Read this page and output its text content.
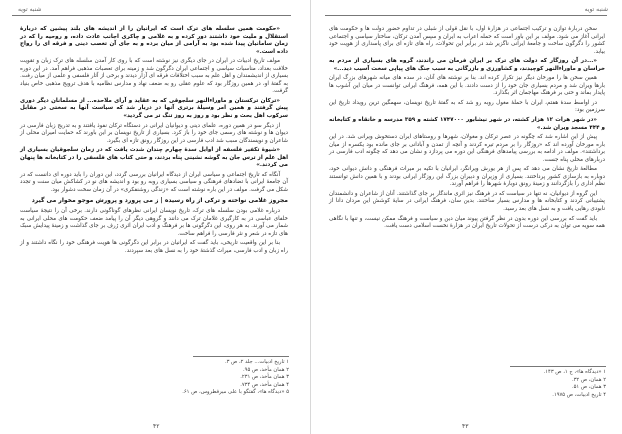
شنبه تویه

«حکومت همین سلسله های ترک است که ایرانیان را از اندیشه های بلند پیشین که دربارهٔ استقلال و ملیت خود داشتند دور کرده و به غلامی و چاکری اجانب عادت داده، و روحیه را که در زمان سامانیان پیدا شده بود به آرامی از میان برده و به جای آن تعصب دینی و فرقه ای را رواج داده است.»

مولف تاریخ ادبیات در ایران در جای دیگری نیز نوشته است که با روی کار آمدن سلسله های ترک زبان و تقویت خلافت بغداد، مناسبات سیاسی و اجتماعی ایران دگرگون شد و زمینه برای تعصبات مذهبی فراهم آمد. در این دوره بسیاری از اندیشمندان و اهل علم به سبب اختلافات فرقه ای آزار دیدند و برخی از آثار فلسفی و علمی از میان رفت. به گفتهٔ او، در همین روزگار بود که علوم عقلی رو به ضعف نهاد و مدارس نظامیه با هدف ترویج مذهبی خاص بنیاد گرفت.

«ترکان ترکستان و ماوراءالنهر سلجوقی که به عقاید و آرای ملاحده... از مسلمانان دیگر دوری پیش گرفتند و همین امر وسیلهٔ برتری آنها در دربار شد که سیاست آنها به سختی در مقابل سرکوب اهل بحث و نظر بود و روز به روز تنگ تر می گردید»

از دیگر سو در همین دوره، علمای دینی و دیوانیان ایرانی در دستگاه ترکان نفوذ یافتند و به تدریج زبان فارسی در دیوان ها و نوشته های رسمی جای خود را باز کرد. بسیاری از تاریخ نویسان بر این باورند که حمایت امیران محلی از شاعران و نویسندگان سبب شد ادب فارسی در این روزگار رونق تازه ای بگیرد.

«شیوهٔ تکفیر فلسفه از اوایل سدهٔ چهارم چندان شدت یافت که در زمان سلجوقیان بسیاری از اهل علم از ترس جان به گوشه نشینی پناه بردند، و حتی کتاب های فلسفی را در کتابخانه ها پنهان می کردند.»

آنگاه که تاریخ اجتماعی و سیاسی ایران از دیدگاه ایرانیان بررسی گردد، این دوران را باید دوره ای دانست که در آن جامعهٔ ایرانی با تضادهای فرهنگی و سیاسی بسیاری روبه رو بود و اندیشه های نو در کشاکش میان سنت و تجدد شکل می گرفت. مولف در این باره نوشته است که «زندگی روشنفکری» در آن زمان سخت دشوار بود.

مجروز غلامی نواخته و ترکی از راه رسیده | ز می پرورد و پرورش موجو مخوار می گیرد

درباره غلامی بودن سلسله های ترک، تاریخ نویسان ایرانی نظرهای گوناگونی دارند. برخی آن را نتیجهٔ سیاست خلفای عباسی در به کارگیری غلامان ترک می دانند و گروهی دیگر آن را پیامد ضعف حکومت های محلی ایرانی به شمار می آورند. به هر روی، این دگرگونی ها بر فرهنگ و ادب ایران اثری ژرف بر جای گذاشت و زمینهٔ پیدایش سبک های تازه در شعر و نثر فارسی را فراهم ساخت.

بنا بر این واقعیت تاریخی، باید گفت که ایرانیان در برابر این دگرگونی ها هویت فرهنگی خود را نگاه داشتند و از راه زبان و ادب فارسی، میراث گذشتهٔ خود را به نسل های بعد سپردند.

۱ تاریخ ادبیات... جلد ۲، ص ۳.
۲ همان مأخذ، ص ۹۵.
۳ همان مأخذ، ص ۲۳۱.
۴ همان مأخذ، ص ۷۳۴.
۵ «دیدگاه ها»، گفتگو با علی میرفطروس، ص ۶۱.
۴۲
شنبه تویه

سخن دربارهٔ توازن و ترکیب اجتماعی در هزارهٔ اول، با نقل قولی از شبلی در تداوم حضور دولت ها و حکومت های ایرانی آغاز می شود. مولف بر این باور است که حمله اعراب به ایران و سپس آمدن ترکان، ساختار سیاسی و اجتماعی کشور را دگرگون ساخت و جامعهٔ ایرانی ناگزیر شد در برابر این تحولات، راه های تازه ای برای پاسداری از هویت خود بیابد.

«...در آن روزگار که دولت های ترک بر ایران فرمان می راندند، گروه های بسیاری از مردم به خراسان و ماوراءالنهر کوچیدند، و کشاورزی و بازرگانی به سبب جنگ های پیاپی سخت آسیب دید...»

همین سخن ها را مورخان دیگر نیز تکرار کرده اند. بنا بر نوشته های آنان، در سده های میانه شهرهای بزرگ ایران بارها ویران شد و مردم بسیاری جان خود را از دست دادند. با این همه، فرهنگ ایرانی توانست در میان این آشوب ها پایدار بماند و حتی بر فرهنگ مهاجمان اثر بگذارد.

در اواسط سدهٔ هفتم، ایران با حملهٔ مغول روبه رو شد که به گفتهٔ تاریخ نویسان، سهمگین ترین رویداد تاریخ این سرزمین بود:

«در شهر هرات ۱۲ هزار کشته، در شهر نیشابور ۱۷۴۷۰۰۰ کشته و ۳۵۹ مدرسه و خانقاه و کتابخانه و ۴۴۴ مسجد ویران شد.»

پیش از این اشاره شد که چگونه در عصر ترکان و مغولان، شهرها و روستاهای ایران دستخوش ویرانی شد. در این باره مورخان آورده اند که «روزگار را بر مردم تیره کردند و آنچه از تمدن و آبادانی بر جای مانده بود یکسره از میان برداشتند». مولف در ادامه به بررسی پیامدهای فرهنگی این دوره می پردازد و نشان می دهد که چگونه ادب فارسی در دربارهای محلی پناه جست.

مطالعهٔ تاریخ نشان می دهد که پس از هر یورش ویرانگر، ایرانیان با تکیه بر میراث فرهنگی و دانش دیوانی خود، دوباره به بازسازی کشور پرداختند. بسیاری از وزیران و دبیران بزرگ این روزگار ایرانی بودند و با همین دانش توانستند نظم اداری را بازگردانند و زمینهٔ رونق دوبارهٔ شهرها را فراهم آورند.

این گروه از دیوانیان، نه تنها در سیاست که در فرهنگ نیز اثری ماندگار بر جای گذاشتند. آنان از شاعران و دانشمندان پشتیبانی کردند و کتابخانه ها و مدارس بسیار ساختند. بدین سان، فرهنگ ایرانی در سایهٔ کوشش این مردان دانا از نابودی رهایی یافت و به نسل های بعد رسید.

باید گفت که بررسی این دوره بدون در نظر گرفتن پیوند میان دین و سیاست و فرهنگ ممکن نیست، و تنها با نگاهی همه سویه می توان به درکی درست از تحولات تاریخ ایران در هزارهٔ نخست اسلامی دست یافت.

۱ «دیدگاه ها»، ج ۱، ص ۱۴۳.
۲ همان، ص ۳۲.
۳ همان، ص ۵۱.
۴ تاریخ ادبیات، ص ۱۹۷۵.
۴۳
